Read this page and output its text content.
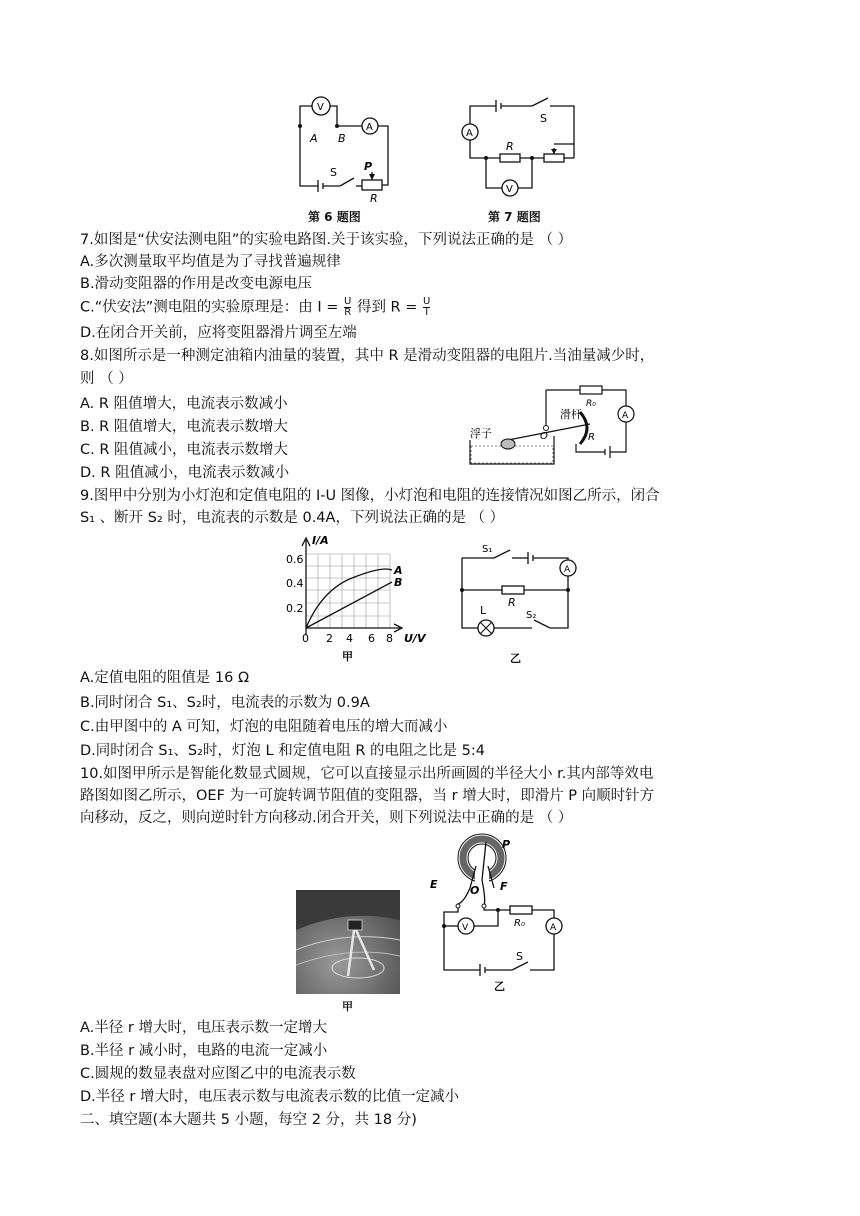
V
A
A B
S P
R
第 6 题图
A
S
R
V
第 7 题图
7.如图是“伏安法测电阻”的实验电路图.关于该实验，下列说法正确的是 （ ）
A.多次测量取平均值是为了寻找普遍规律
B.滑动变阻器的作用是改变电源电压
C.“伏安法”测电阻的实验原理是：由 $I = \frac{U}{R}$ 得到 $R = \frac{U}{I}$
D.在闭合开关前，应将变阻器滑片调至左端
8.如图所示是一种测定油箱内油量的装置，其中 R 是滑动变阻器的电阻片.当油量减少时，
则 （ ）
A. R 阻值增大，电流表示数减小
B. R 阻值增大，电流表示数增大
C. R 阻值减小，电流表示数增大
D. R 阻值减小，电流表示数减小
浮子
滑杆
O	R
R₀
A
9.图甲中分别为小灯泡和定值电阻的 I-U 图像，小灯泡和电阻的连接情况如图乙所示，闭合
S₁ 、断开 S₂ 时，电流表的示数是 0.4A，下列说法正确的是 （ ）
I/A
0.6
0.4
0.2
0 2 4 6 8 U/V
A
B
甲
S₁
A
R
L	S₂
乙
A.定值电阻的阻值是 16 Ω
B.同时闭合 S₁、S₂时，电流表的示数为 0.9A
C.由甲图中的 A 可知，灯泡的电阻随着电压的增大而减小
D.同时闭合 S₁、S₂时，灯泡 L 和定值电阻 R 的电阻之比是 5:4
10.如图甲所示是智能化数显式圆规，它可以直接显示出所画圆的半径大小 r.其内部等效电
路图如图乙所示，OEF 为一可旋转调节阻值的变阻器，当 r 增大时，即滑片 P 向顺时针方
向移动，反之，则向逆时针方向移动.闭合开关，则下列说法中正确的是 （ ）
甲
P
E	F
O
R₀
V	A
S
乙
A.半径 r 增大时，电压表示数一定增大
B.半径 r 减小时，电路的电流一定减小
C.圆规的数显表盘对应图乙中的电流表示数
D.半径 r 增大时，电压表示数与电流表示数的比值一定减小
二、填空题(本大题共 5 小题，每空 2 分，共 18 分)
